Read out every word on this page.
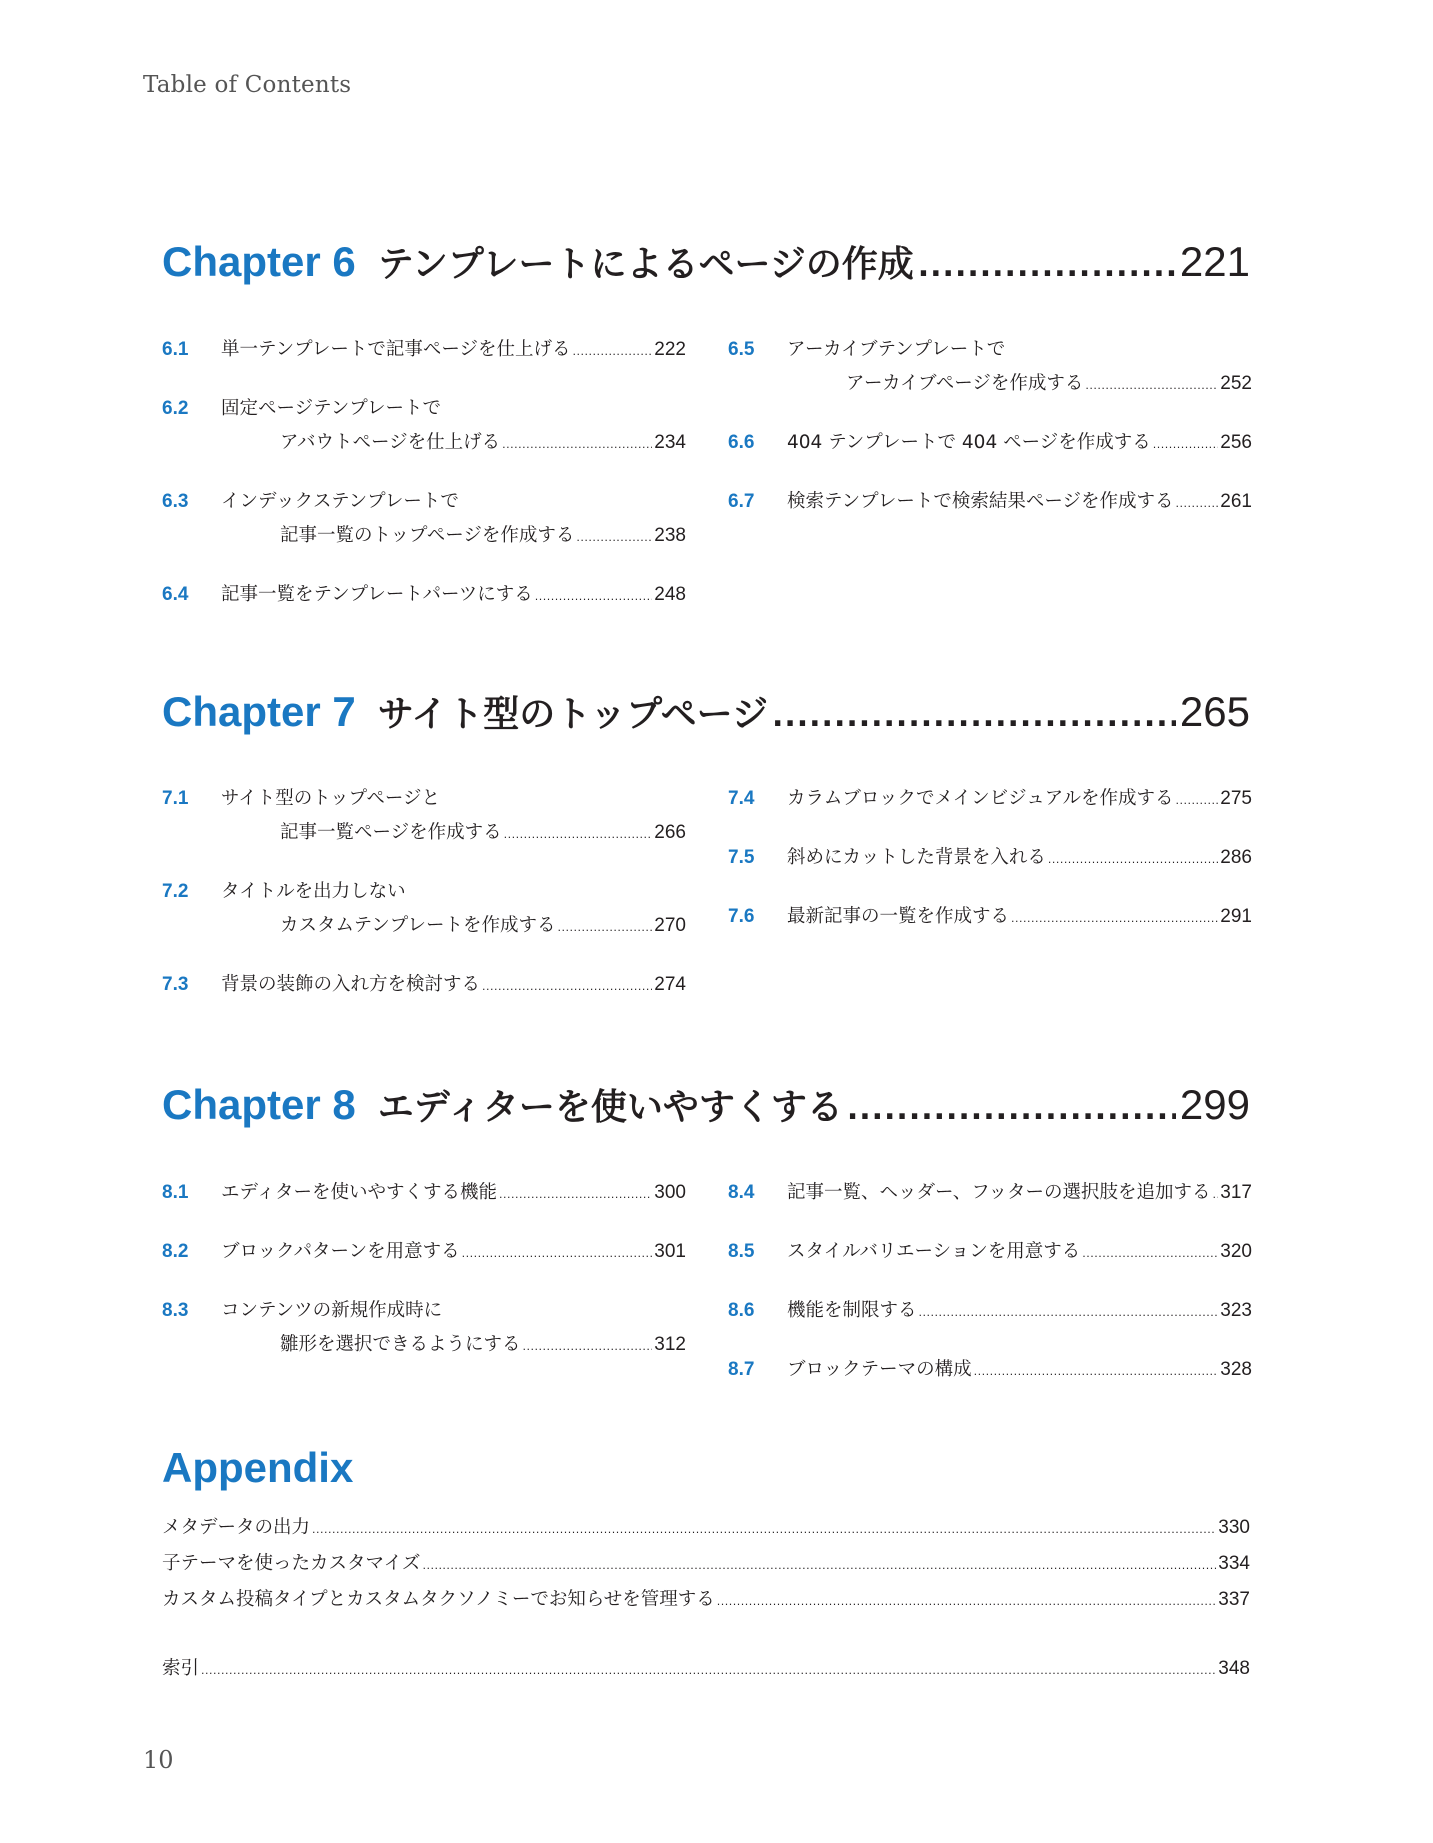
Table of Contents
Chapter 6 テンプレートによるページの作成 .....	221
6.1	単一テンプレートで記事ページを仕上げる .....	222
6.2	固定ページテンプレートで
アバウトページを仕上げる .....	234
6.3	インデックステンプレートで
記事一覧のトップページを作成する .....	238
6.4	記事一覧をテンプレートパーツにする .....	248
6.5	アーカイブテンプレートで
アーカイブページを作成する .....	252
6.6	404 テンプレートで 404 ページを作成する .....	256
6.7	検索テンプレートで検索結果ページを作成する ..... 261
Chapter 7 サイト型のトップページ .....	265
7.1	サイト型のトップページと
記事一覧ページを作成する .....	266
7.2	タイトルを出力しない
カスタムテンプレートを作成する .....	270
7.3	背景の装飾の入れ方を検討する .....	274
7.4	カラムブロックでメインビジュアルを作成する ..... 275
7.5	斜めにカットした背景を入れる .....	286
7.6	最新記事の一覧を作成する .....	291
Chapter 8 エディターを使いやすくする .....	299
8.1	エディターを使いやすくする機能 .....	300
8.2	ブロックパターンを用意する .....	301
8.3	コンテンツの新規作成時に
雛形を選択できるようにする .....	312
8.4	記事一覧、ヘッダー、フッターの選択肢を追加する ..... 317
8.5	スタイルバリエーションを用意する .....	320
8.6	機能を制限する .....	323
8.7	ブロックテーマの構成 .....	328
Appendix
メタデータの出力 .....	330
子テーマを使ったカスタマイズ .....	334
カスタム投稿タイプとカスタムタクソノミーでお知らせを管理する .....	337
索引 .....	348
10
